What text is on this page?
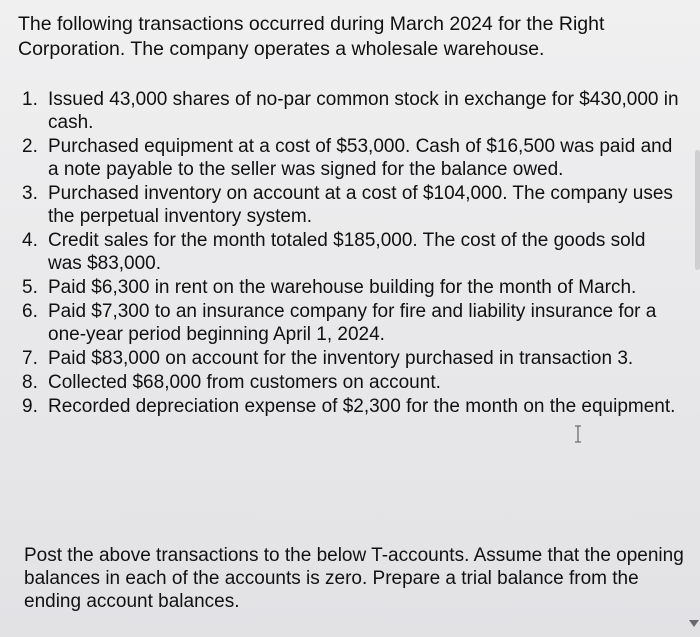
The following transactions occurred during March 2024 for the Right Corporation. The company operates a wholesale warehouse.

1. Issued 43,000 shares of no-par common stock in exchange for $430,000 in cash.
2. Purchased equipment at a cost of $53,000. Cash of $16,500 was paid and a note payable to the seller was signed for the balance owed.
3. Purchased inventory on account at a cost of $104,000. The company uses the perpetual inventory system.
4. Credit sales for the month totaled $185,000. The cost of the goods sold was $83,000.
5. Paid $6,300 in rent on the warehouse building for the month of March.
6. Paid $7,300 to an insurance company for fire and liability insurance for a one-year period beginning April 1, 2024.
7. Paid $83,000 on account for the inventory purchased in transaction 3.
8. Collected $68,000 from customers on account.
9. Recorded depreciation expense of $2,300 for the month on the equipment.

Post the above transactions to the below T-accounts. Assume that the opening balances in each of the accounts is zero. Prepare a trial balance from the ending account balances.
